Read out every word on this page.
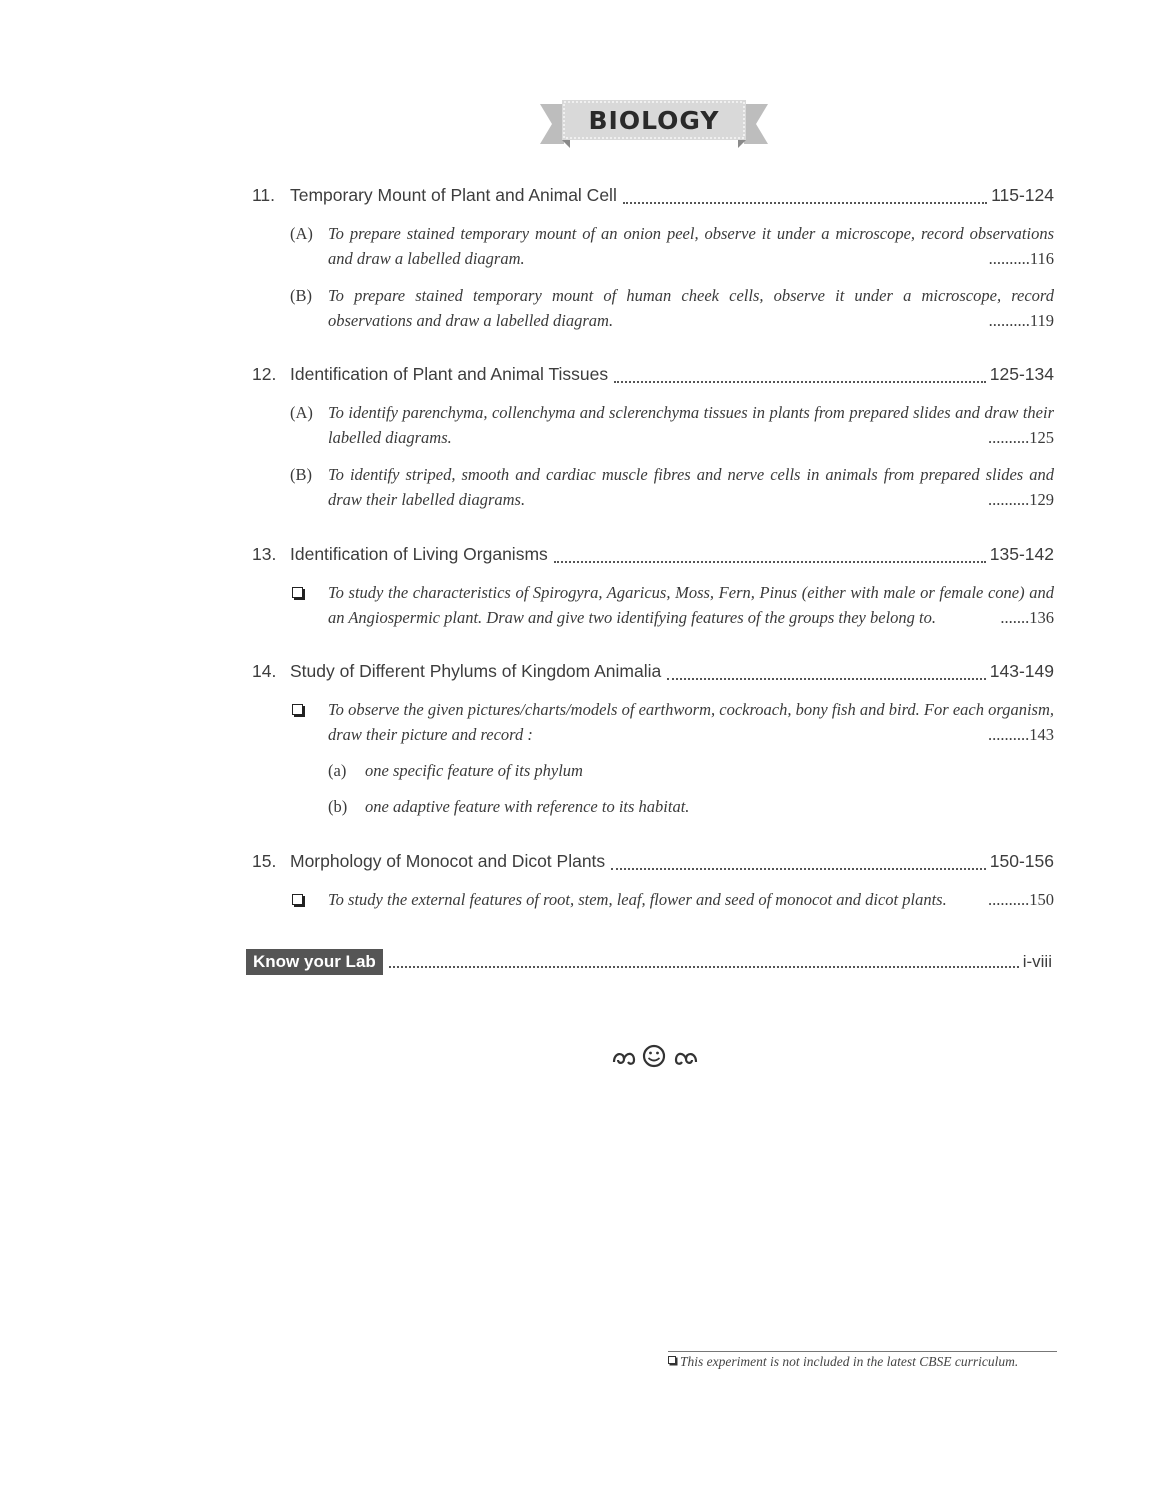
BIOLOGY
11. Temporary Mount of Plant and Animal Cell	115-124
(A) To prepare stained temporary mount of an onion peel, observe it under a microscope, record observations and draw a labelled diagram.	..........116
(B) To prepare stained temporary mount of human cheek cells, observe it under a microscope, record observations and draw a labelled diagram.	..........119
12. Identification of Plant and Animal Tissues	125-134
(A) To identify parenchyma, collenchyma and sclerenchyma tissues in plants from prepared slides and draw their labelled diagrams.	..........125
(B) To identify striped, smooth and cardiac muscle fibres and nerve cells in animals from prepared slides and draw their labelled diagrams.	..........129
13. Identification of Living Organisms	135-142
To study the characteristics of Spirogyra, Agaricus, Moss, Fern, Pinus (either with male or female cone) and an Angiospermic plant. Draw and give two identifying features of the groups they belong to.	.......136
14. Study of Different Phylums of Kingdom Animalia	143-149
To observe the given pictures/charts/models of earthworm, cockroach, bony fish and bird. For each organism, draw their picture and record :	..........143
(a) one specific feature of its phylum
(b) one adaptive feature with reference to its habitat.
15. Morphology of Monocot and Dicot Plants	150-156
To study the external features of root, stem, leaf, flower and seed of monocot and dicot plants.	..........150
Know your Lab	i-viii
This experiment is not included in the latest CBSE curriculum.
